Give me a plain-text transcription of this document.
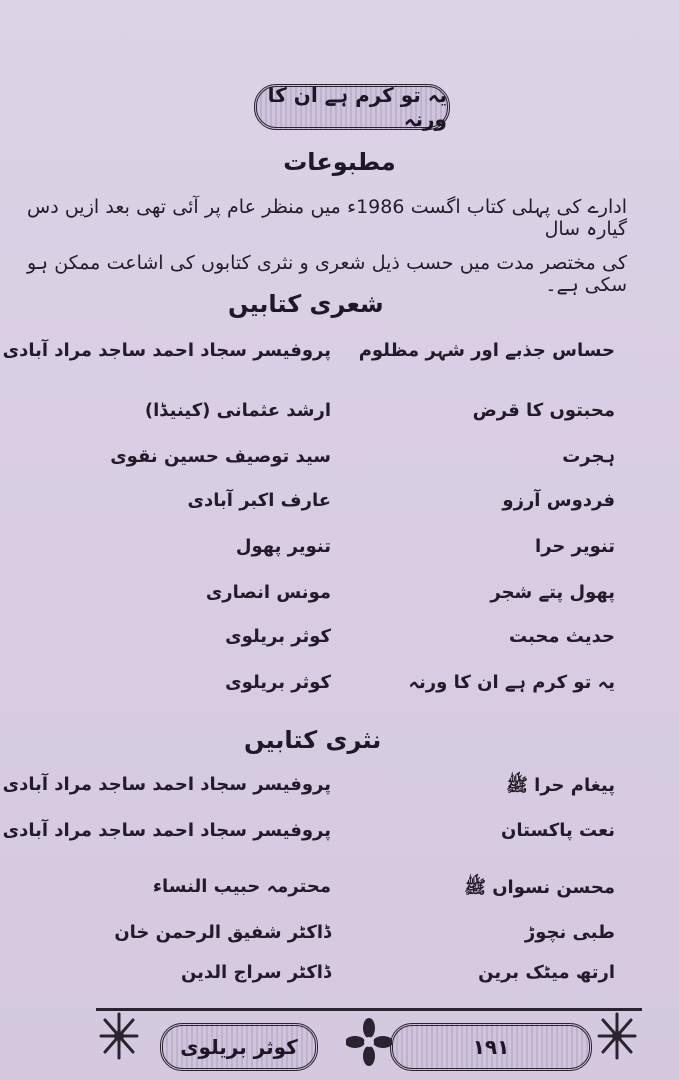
یہ تو کرم ہے ان کا ورنہ
مطبوعات
ادارے کی پہلی کتاب اگست 1986ء میں منظر عام پر آئی تھی بعد ازیں دس گیارہ سال
کی مختصر مدت میں حسب ذیل شعری و نثری کتابوں کی اشاعت ممکن ہو سکی ہے۔
شعری کتابیں
حساس جذبے اور شہر مظلوم
پروفیسر سجاد احمد ساجد مراد آبادی
محبتوں کا قرض
ارشد عثمانی (کینیڈا)
ہجرت
سید توصیف حسین نقوی
فردوس آرزو
عارف اکبر آبادی
تنویر حرا
تنویر پھول
پھول پتے شجر
مونس انصاری
حدیث محبت
کوثر بریلوی
یہ تو کرم ہے ان کا ورنہ
کوثر بریلوی
نثری کتابیں
پیغام حرا ﷺ
پروفیسر سجاد احمد ساجد مراد آبادی
نعت پاکستان
پروفیسر سجاد احمد ساجد مراد آبادی
محسن نسواں ﷺ
محترمہ حبیب النساء
طبی نچوڑ
ڈاکٹر شفیق الرحمن خان
ارتھ میٹک برین
ڈاکٹر سراج الدین
کوثر بریلوی	۱۹۱
